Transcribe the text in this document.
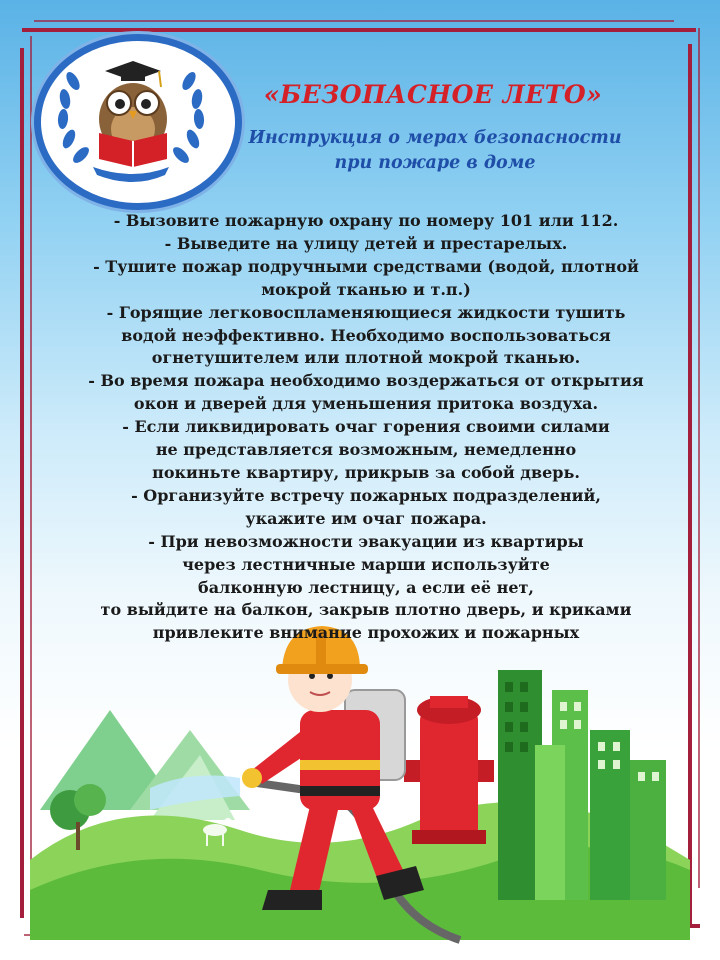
«БЕЗОПАСНОЕ ЛЕТО»
Инструкция о мерах безопасности
при пожаре в доме
- Вызовите пожарную охрану по номеру 101 или 112.
- Выведите на улицу детей и престарелых.
- Тушите пожар подручными средствами (водой, плотной
мокрой тканью и т.п.)
- Горящие легковоспламеняющиеся жидкости тушить
водой неэффективно. Необходимо воспользоваться
огнетушителем или плотной мокрой тканью.
- Во время пожара необходимо воздержаться от открытия
окон и дверей для уменьшения притока воздуха.
- Если ликвидировать очаг горения своими силами
не представляется возможным, немедленно
покиньте квартиру, прикрыв за собой дверь.
- Организуйте встречу пожарных подразделений,
укажите им очаг пожара.
- При невозможности эвакуации из квартиры
через лестничные марши используйте
балконную лестницу, а если её нет,
то выйдите на балкон, закрыв плотно дверь, и криками
привлеките внимание прохожих и пожарных
